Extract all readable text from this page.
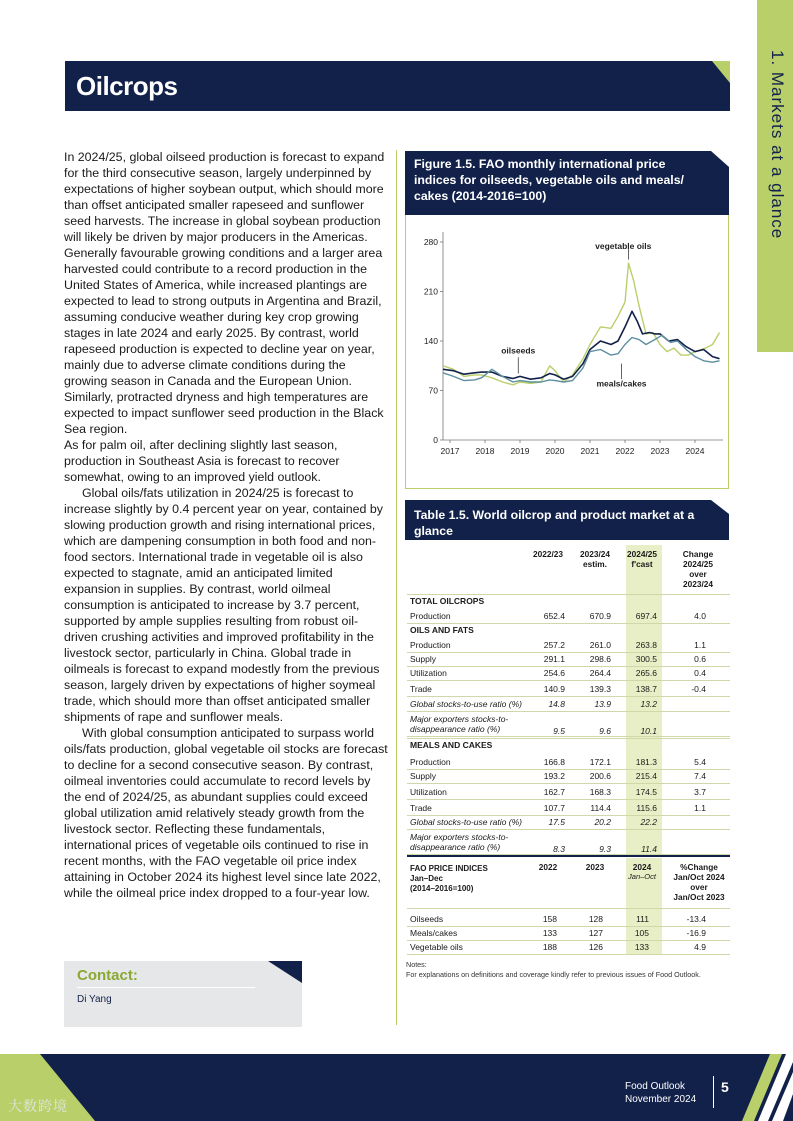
1. Markets at a glance
Oilcrops

In 2024/25, global oilseed production is forecast to expand for the third consecutive season, largely underpinned by expectations of higher soybean output, which should more than offset anticipated smaller rapeseed and sunflower seed harvests. The increase in global soybean production will likely be driven by major producers in the Americas. Generally favourable growing conditions and a larger area harvested could contribute to a record production in the United States of America, while increased plantings are expected to lead to strong outputs in Argentina and Brazil, assuming conducive weather during key crop growing stages in late 2024 and early 2025. By contrast, world rapeseed production is expected to decline year on year, mainly due to adverse climate conditions during the growing season in Canada and the European Union. Similarly, protracted dryness and high temperatures are expected to impact sunflower seed production in the Black Sea region.

As for palm oil, after declining slightly last season, production in Southeast Asia is forecast to recover somewhat, owing to an improved yield outlook.

Global oils/fats utilization in 2024/25 is forecast to increase slightly by 0.4 percent year on year, contained by slowing production growth and rising international prices, which are dampening consumption in both food and non-food sectors. International trade in vegetable oil is also expected to stagnate, amid an anticipated limited expansion in supplies. By contrast, world oilmeal consumption is anticipated to increase by 3.7 percent, supported by ample supplies resulting from robust oil-driven crushing activities and improved profitability in the livestock sector, particularly in China. Global trade in oilmeals is forecast to expand modestly from the previous season, largely driven by expectations of higher soymeal trade, which should more than offset anticipated smaller shipments of rape and sunflower meals.

With global consumption anticipated to surpass world oils/fats production, global vegetable oil stocks are forecast to decline for a second consecutive season. By contrast, oilmeal inventories could accumulate to record levels by the end of 2024/25, as abundant supplies could exceed global utilization amid relatively steady growth from the livestock sector. Reflecting these fundamentals, international prices of vegetable oils continued to rise in recent months, with the FAO vegetable oil price index attaining in October 2024 its highest level since late 2022, while the oilmeal price index dropped to a four-year low.

Figure 1.5. FAO monthly international price indices for oilseeds, vegetable oils and meals/ cakes (2014-2016=100)
0
70
140
210
280
2017 2018 2019 2020 2021 2022 2023 2024
vegetable oils
oilseeds
meals/cakes
Table 1.5. World oilcrop and product market at a glance
2022/23	2023/24
estim.
2024/25
f'cast
Change
2024/25
over
2023/24
TOTAL OILCROPS
Production	652.4	670.9	697.4	4.0
OILS AND FATS
Production	257.2	261.0	263.8	1.1
Supply	291.1	298.6	300.5	0.6
Utilization	254.6	264.4	265.6	0.4
Trade	140.9	139.3	138.7	-0.4
Global stocks-to-use ratio (%)	14.8	13.9	13.2
Major exporters stocks-to-
disappearance ratio (%)	9.5	9.6	10.1
MEALS AND CAKES
Production	166.8	172.1	181.3	5.4
Supply	193.2	200.6	215.4	7.4
Utilization	162.7	168.3	174.5	3.7
Trade	107.7	114.4	115.6	1.1
Global stocks-to-use ratio (%)	17.5	20.2	22.2
Major exporters stocks-to-
disappearance ratio (%)	8.3	9.3	11.4
FAO PRICE INDICES
Jan–Dec
(2014–2016=100)
2022	2023	2024
Jan–Oct
%Change
Jan/Oct 2024
over
Jan/Oct 2023
Oilseeds	158	128	111	-13.4
Meals/cakes	133	127	105	-16.9
Vegetable oils	188	126	133	4.9
Notes:
For explanations on definitions and coverage kindly refer to previous issues of Food Outlook.
Contact:
Di Yang
Food Outlook
November 2024
5
大数跨境
